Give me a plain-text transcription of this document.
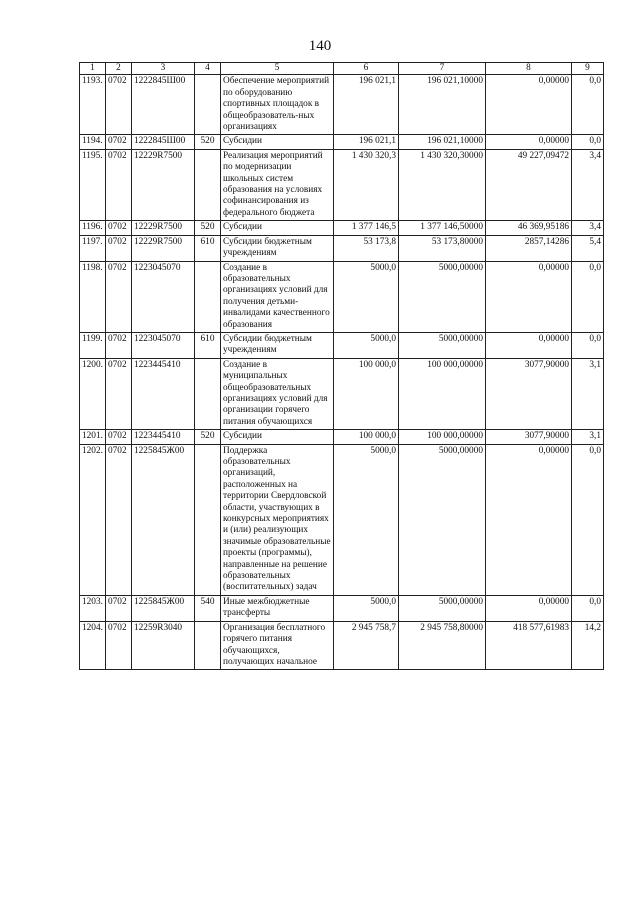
140
1	2	3	4	5	6	7	8	9
1193.	0702	1222845Ш00		Обеспечение мероприятий по оборудованию спортивных площадок в общеобразователь-ных организациях	196 021,1	196 021,10000	0,00000	0,0
1194.	0702	1222845Ш00	520	Субсидии	196 021,1	196 021,10000	0,00000	0,0
1195.	0702	12229R7500		Реализация мероприятий по модернизации школьных систем образования на условиях софинансирования из федерального бюджета	1 430 320,3	1 430 320,30000	49 227,09472	3,4
1196.	0702	12229R7500	520	Субсидии	1 377 146,5	1 377 146,50000	46 369,95186	3,4
1197.	0702	12229R7500	610	Субсидии бюджетным учреждениям	53 173,8	53 173,80000	2857,14286	5,4
1198.	0702	1223045070		Создание в образовательных организациях условий для получения детьми-инвалидами качественного образования	5000,0	5000,00000	0,00000	0,0
1199.	0702	1223045070	610	Субсидии бюджетным учреждениям	5000,0	5000,00000	0,00000	0,0
1200.	0702	1223445410		Создание в муниципальных общеобразовательных организациях условий для организации горячего питания обучающихся	100 000,0	100 000,00000	3077,90000	3,1
1201.	0702	1223445410	520	Субсидии	100 000,0	100 000,00000	3077,90000	3,1
1202.	0702	1225845Ж00		Поддержка образовательных организаций, расположенных на территории Свердловской области, участвующих в конкурсных мероприятиях и (или) реализующих значимые образовательные проекты (программы), направленные на решение образовательных (воспитательных) задач	5000,0	5000,00000	0,00000	0,0
1203.	0702	1225845Ж00	540	Иные межбюджетные трансферты	5000,0	5000,00000	0,00000	0,0
1204.	0702	12259R3040		Организация бесплатного горячего питания обучающихся, получающих начальное	2 945 758,7	2 945 758,80000	418 577,61983	14,2
